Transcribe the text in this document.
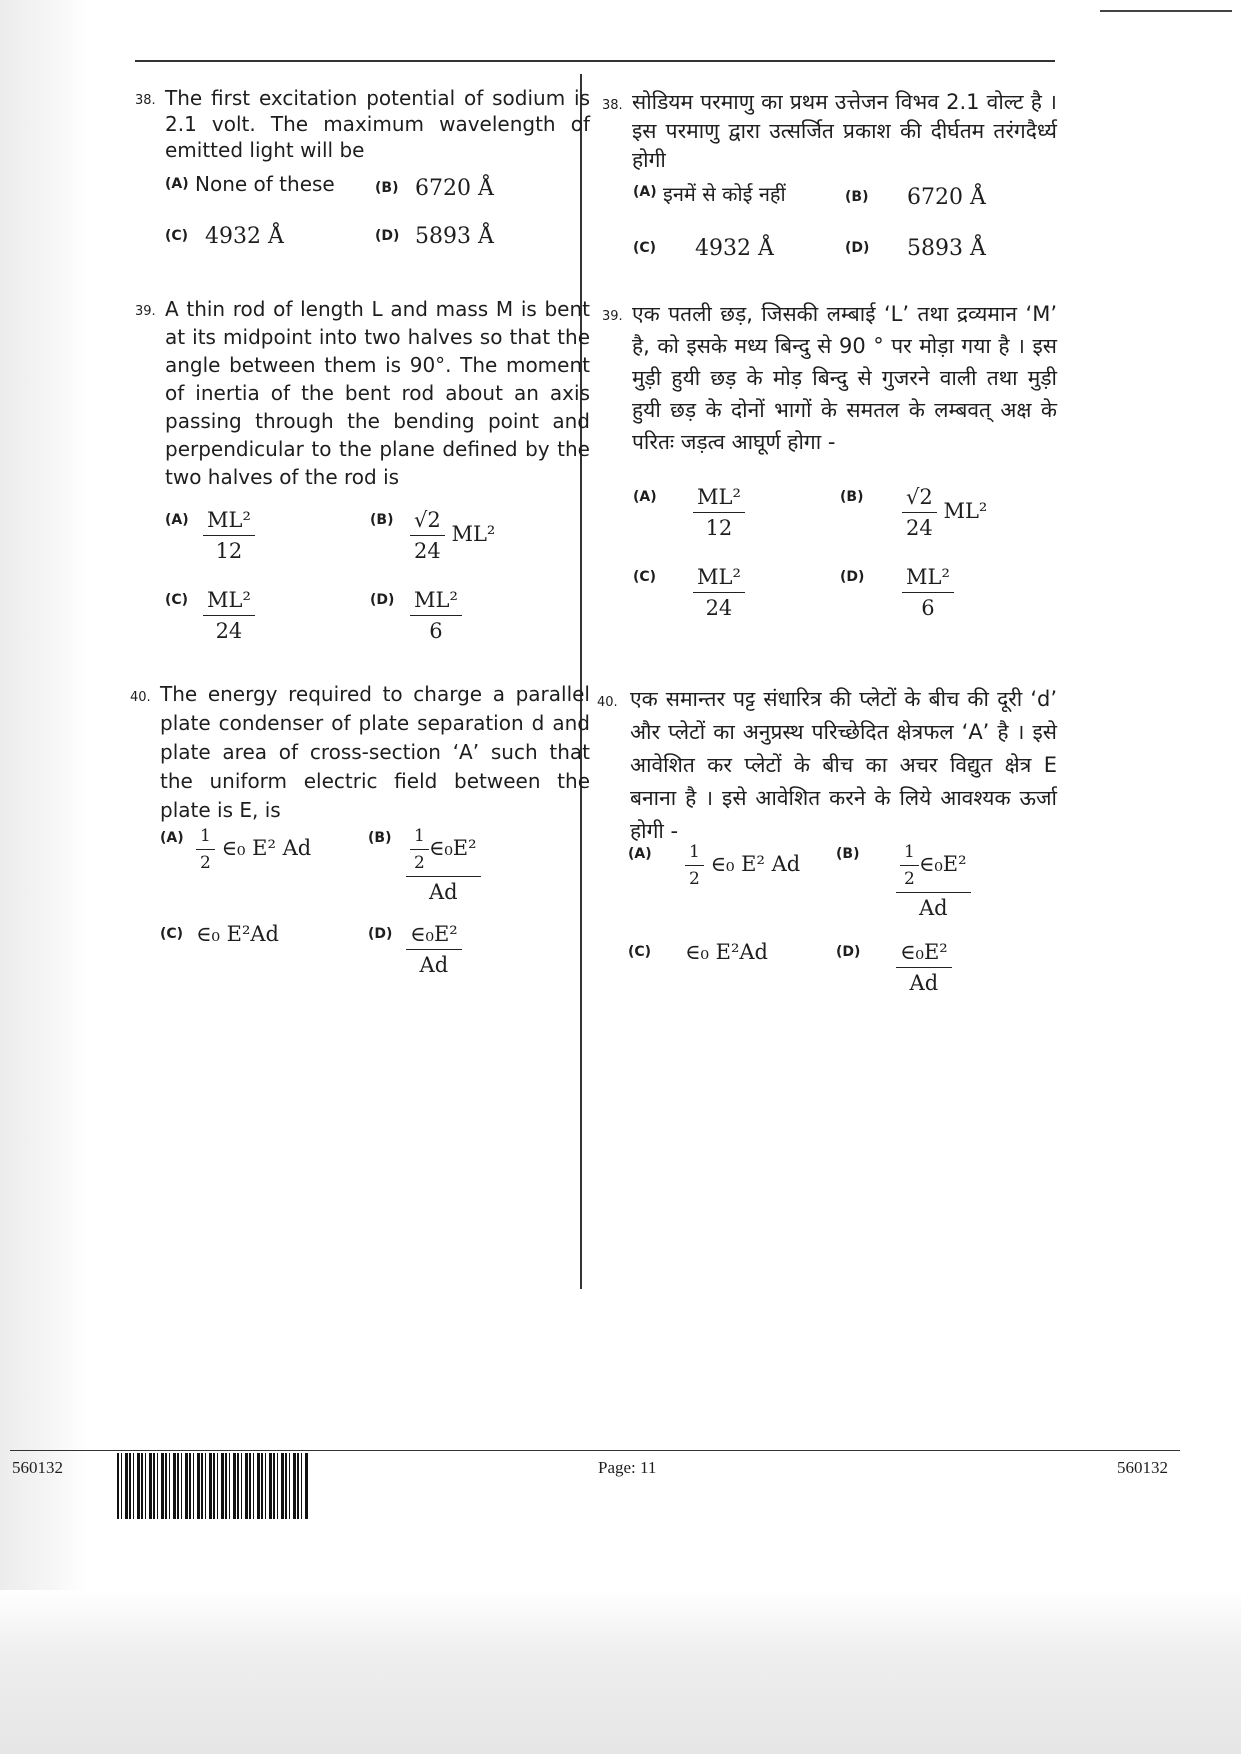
38. The first excitation potential of sodium is 2.1 volt. The maximum wavelength of emitted light will be
(A) None of these	(B) 6720 Å
(C) 4932 Å	(D) 5893 Å
38. सोडियम परमाणु का प्रथम उत्तेजन विभव 2.1 वोल्ट है । इस परमाणु द्वारा उत्सर्जित प्रकाश की दीर्घतम तरंगदैर्ध्य होगी
(A) इनमें से कोई नहीं	(B) 6720 Å
(C) 4932 Å	(D) 5893 Å
39. A thin rod of length L and mass M is bent at its midpoint into two halves so that the angle between them is 90°. The moment of inertia of the bent rod about an axis passing through the bending point and perpendicular to the plane defined by the two halves of the rod is
$(A) \frac{\text{ML²}}{12}$	$(B) \frac{√2}{24} ML^2$
$(C) \frac{\text{ML²}}{24}$	$(D) \frac{\text{ML²}}{6}$
39. एक पतली छड़, जिसकी लम्बाई ‘L’ तथा द्रव्यमान ‘M’ है, को इसके मध्य बिन्दु से 90 ° पर मोड़ा गया है । इस मुड़ी हुयी छड़ के मोड़ बिन्दु से गुजरने वाली तथा मुड़ी हुयी छड़ के दोनों भागों के समतल के लम्बवत् अक्ष के परितः जड़त्व आघूर्ण होगा -
$(A) \frac{\text{ML²}}{12}$	$(B) \frac{√2}{24} ML^2$
$(C) \frac{\text{ML²}}{24}$	$(D) \frac{\text{ML²}}{6}$
40. The energy required to charge a parallel plate condenser of plate separation d and plate area of cross-section ‘A’ such that the uniform electric field between the plate is E, is
$(A) \frac{1}{2}$ ∈₀ E² Ad	$(B) \frac{\frac{1}{2} \in_0E^2}{Ad}$
(C) ∈₀ E²Ad	$(D) \frac{\text{∈₀E²}}{Ad}$
40. एक समान्तर पट्ट संधारित्र की प्लेटों के बीच की दूरी ‘d’ और प्लेटों का अनुप्रस्थ परिच्छेदित क्षेत्रफल ‘A’ है । इसे आवेशित कर प्लेटों के बीच का अचर विद्युत क्षेत्र E बनाना है । इसे आवेशित करने के लिये आवश्यक ऊर्जा होगी -
$(A) \frac{1}{2}$ ∈₀ E² Ad	$(B) \frac{\frac{1}{2} \in_0E^2}{Ad}$
(C) ∈₀ E²Ad	$(D) \frac{\text{∈₀E²}}{Ad}$
560132	Page: 11	560132
